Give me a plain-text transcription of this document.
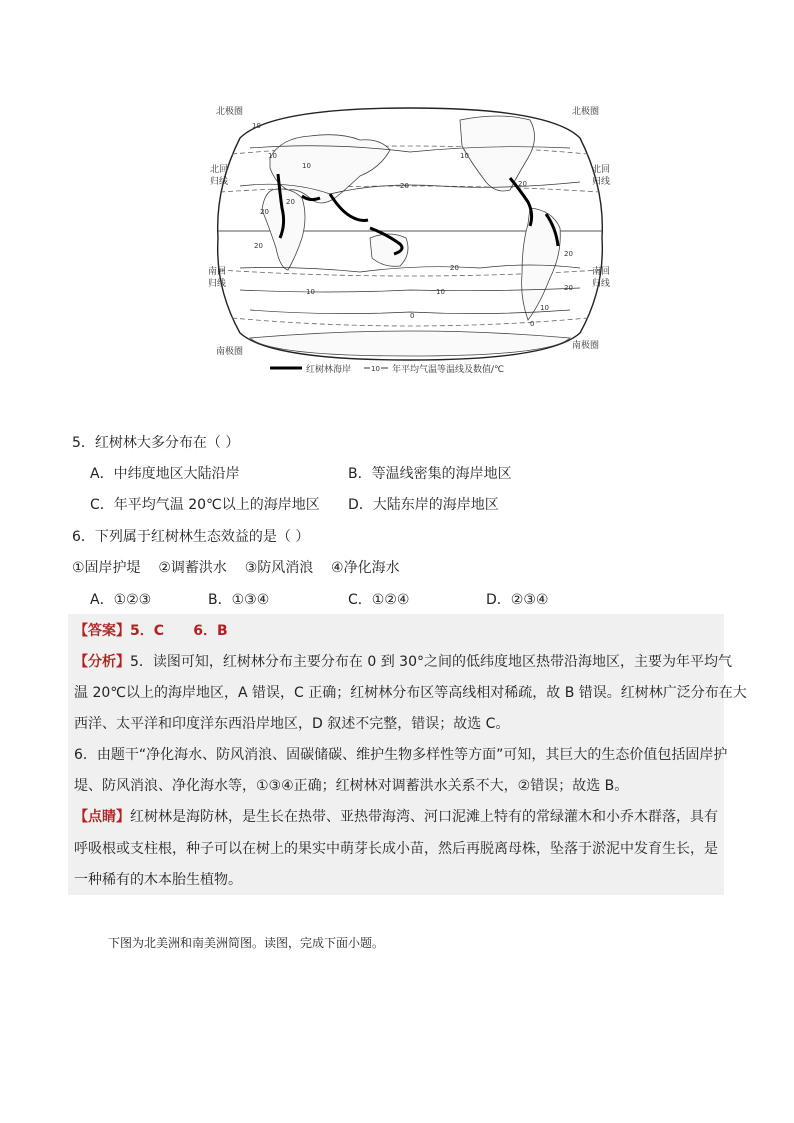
10
10
10
10
20
20
20
20
20
20
20
20
10
10
10
0
0
北极圈	北极圈
北回归线
北回归线
南回归线
南回归线
南极圈
南极圈
红树林海岸	10 年平均气温等温线及数值/℃
5．红树林大多分布在（ ）
A．中纬度地区大陆沿岸	B．等温线密集的海岸地区
C．年平均气温 20℃以上的海岸地区 D．大陆东岸的海岸地区
6．下列属于红树林生态效益的是（ ）
①固岸护堤    ②调蓄洪水    ③防风消浪    ④净化海水
A．①②③	B．①③④	C．①②④	D．②③④
【答案】5．C      6．B
【分析】5．读图可知，红树林分布主要分布在 0 到 30°之间的低纬度地区热带沿海地区，主要为年平均气
温 20℃以上的海岸地区，A 错误，C 正确；红树林分布区等高线相对稀疏，故 B 错误。红树林广泛分布在大
西洋、太平洋和印度洋东西沿岸地区，D 叙述不完整，错误；故选 C。
6．由题干“净化海水、防风消浪、固碳储碳、维护生物多样性等方面”可知，其巨大的生态价值包括固岸护
堤、防风消浪、净化海水等，①③④正确；红树林对调蓄洪水关系不大，②错误；故选 B。
【点睛】红树林是海防林，是生长在热带、亚热带海湾、河口泥滩上特有的常绿灌木和小乔木群落，具有
呼吸根或支柱根，种子可以在树上的果实中萌芽长成小苗，然后再脱离母株，坠落于淤泥中发育生长，是
一种稀有的木本胎生植物。
下图为北美洲和南美洲简图。读图，完成下面小题。
